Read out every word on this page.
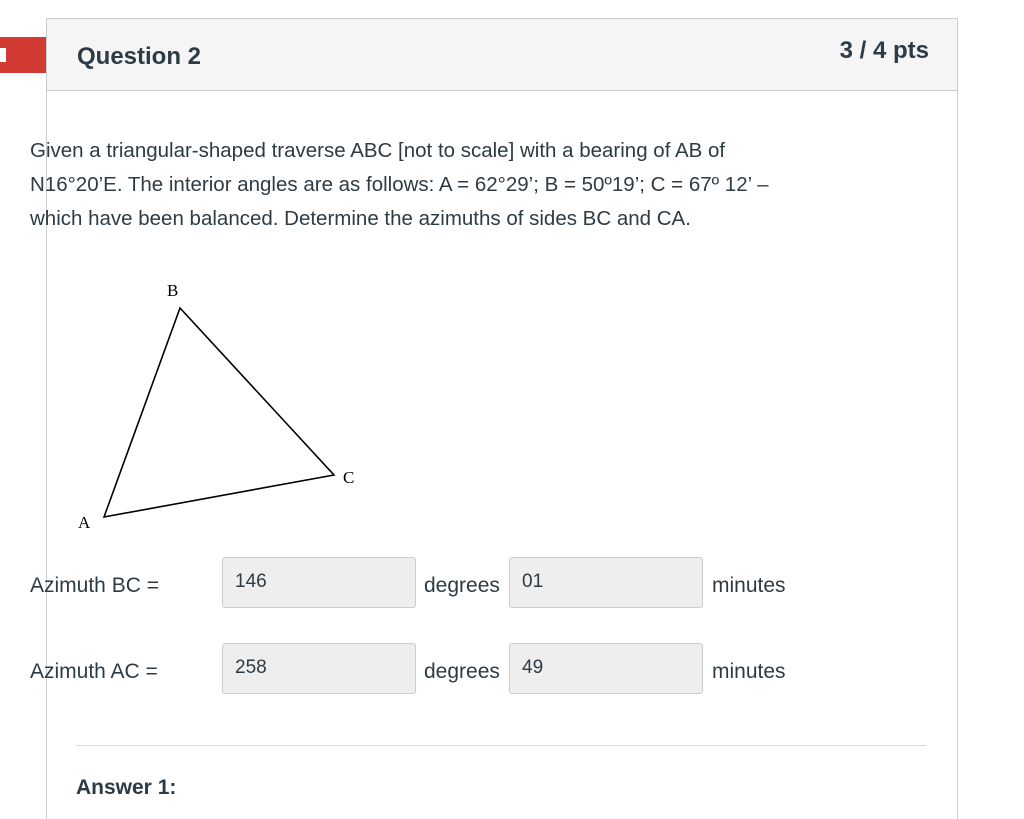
Question 2	3 / 4 pts
Given a triangular-shaped traverse ABC [not to scale] with a bearing of AB of
N16°20’E. The interior angles are as follows: A = 62°29’; B = 50º19’; C = 67º 12’ –
which have been balanced. Determine the azimuths of sides BC and CA.
B
C
A
Azimuth BC =	146	degrees	01	minutes
Azimuth AC =	258	degrees	49	minutes
Answer 1:
